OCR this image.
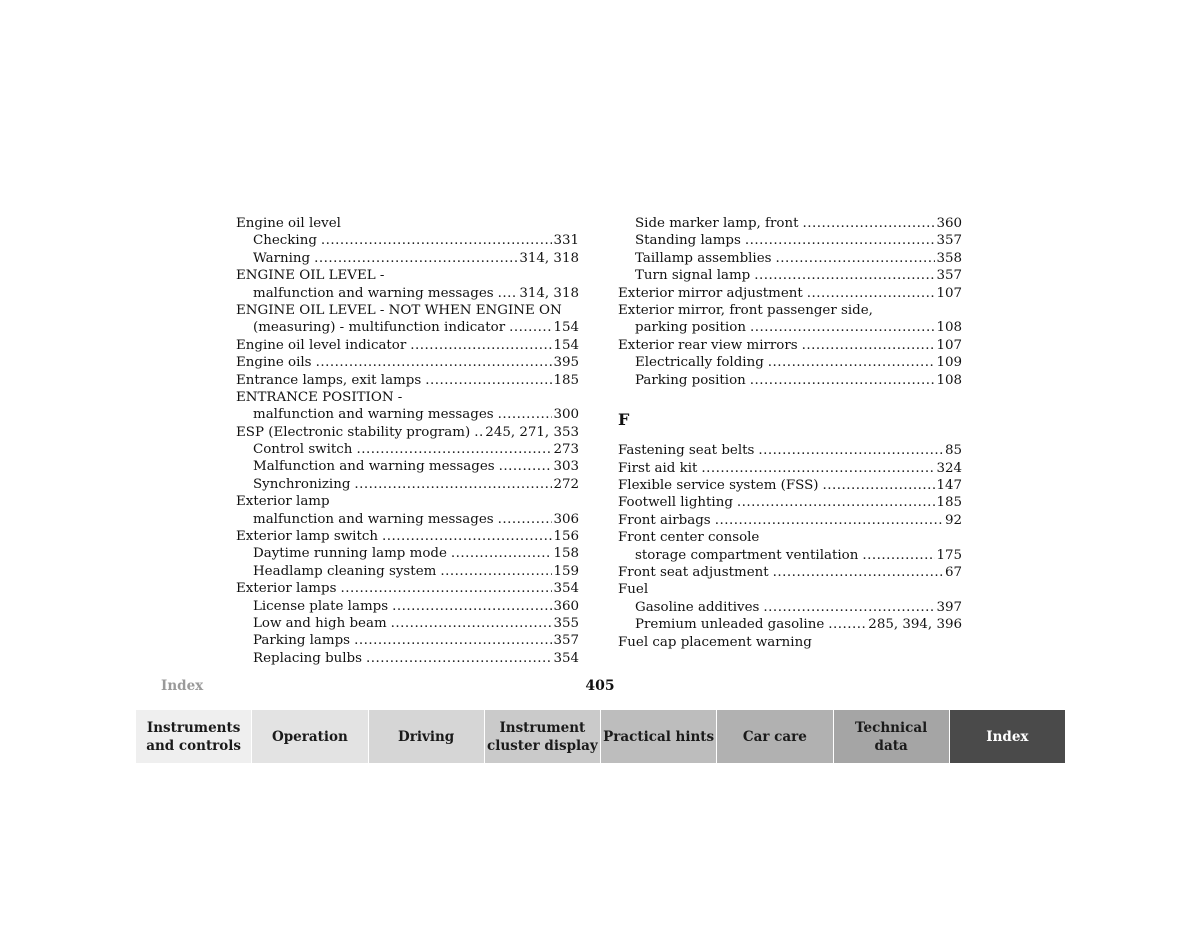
Engine oil level
Checking .....	331
Warning .....	314, 318
ENGINE OIL LEVEL -
malfunction and warning messages ..... 314, 318
ENGINE OIL LEVEL - NOT WHEN ENGINE ON
(measuring) - multifunction indicator .....	154
Engine oil level indicator .....	154
Engine oils .....	395
Entrance lamps, exit lamps .....	185
ENTRANCE POSITION -
malfunction and warning messages .....	300
ESP (Electronic stability program) ..... 245, 271, 353
Control switch .....	273
Malfunction and warning messages .....	303
Synchronizing .....	272
Exterior lamp
malfunction and warning messages .....	306
Exterior lamp switch .....	156
Daytime running lamp mode .....	158
Headlamp cleaning system .....	159
Exterior lamps .....	354
License plate lamps .....	360
Low and high beam .....	355
Parking lamps .....	357
Replacing bulbs .....	354
Side marker lamp, front .....	360
Standing lamps .....	357
Taillamp assemblies .....	358
Turn signal lamp .....	357
Exterior mirror adjustment .....	107
Exterior mirror, front passenger side,
parking position .....	108
Exterior rear view mirrors .....	107
Electrically folding .....	109
Parking position .....	108
F
Fastening seat belts .....	85
First aid kit .....	324
Flexible service system (FSS) .....	147
Footwell lighting .....	185
Front airbags .....	92
Front center console
storage compartment ventilation .....	175
Front seat adjustment .....	67
Fuel
Gasoline additives .....	397
Premium unleaded gasoline .....	285, 394, 396
Fuel cap placement warning
Index	405
Instruments
and controls
Operation	Driving
Instrument
cluster display
Practical hints	Car care
Technical
data
Index
